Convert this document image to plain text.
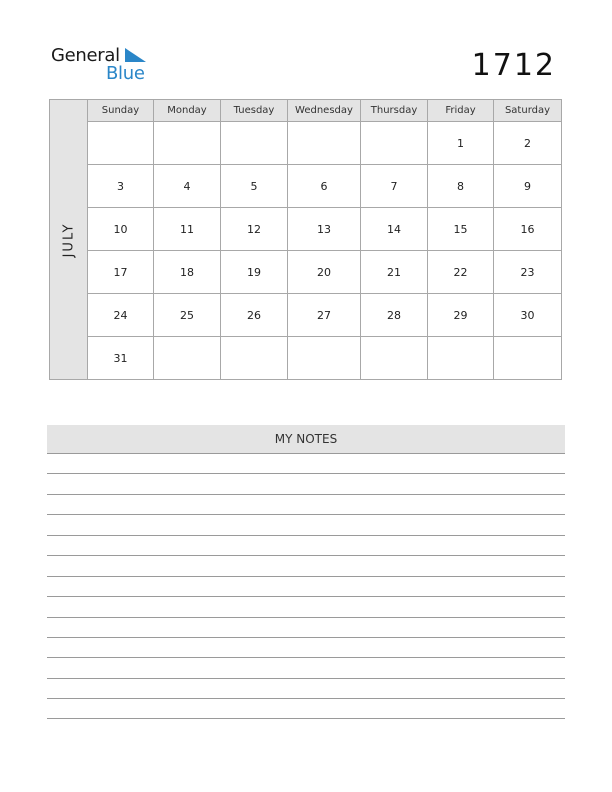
General
Blue	1712
JULY	Sunday	Monday	Tuesday	Wednesday	Thursday	Friday	Saturday
						1	2
	3	4	5	6	7	8	9
	10	11	12	13	14	15	16
	17	18	19	20	21	22	23
	24	25	26	27	28	29	30
	31						
MY NOTES
